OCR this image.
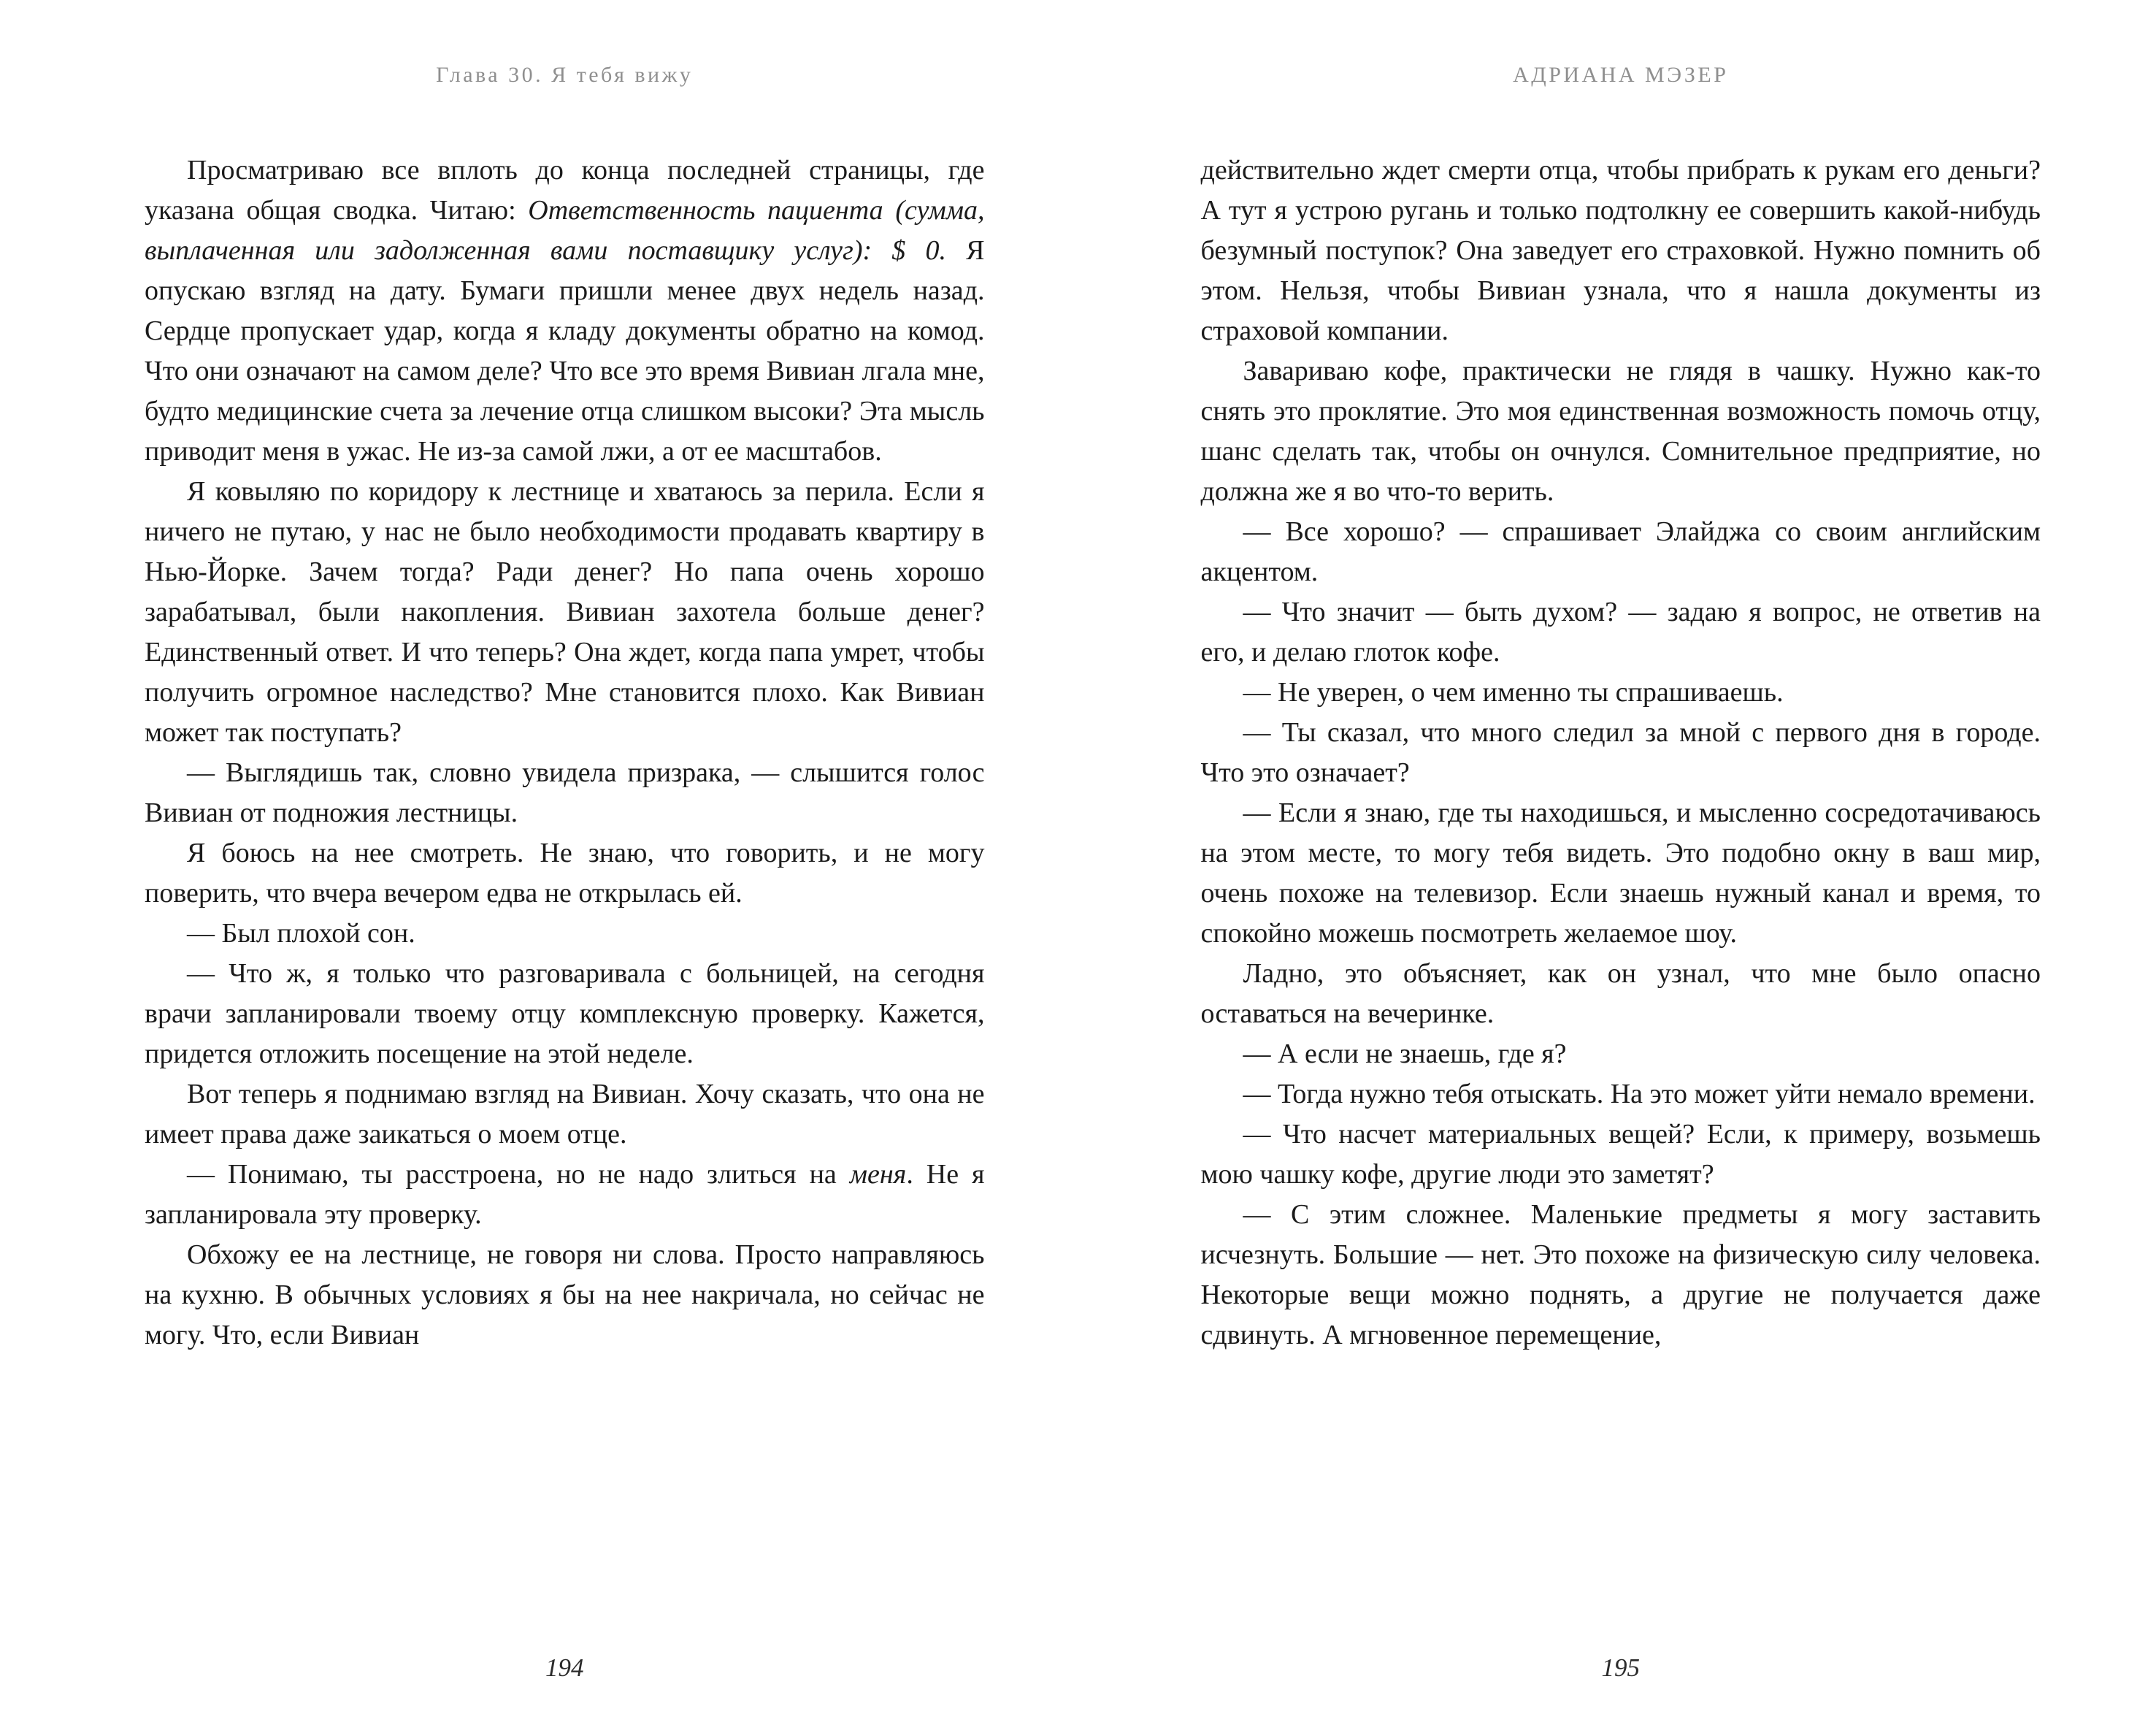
Глава 30. Я тебя вижу

Просматриваю все вплоть до конца последней страницы, где указана общая сводка. Читаю: Ответственность пациента (сумма, выплаченная или задолженная вами поставщику услуг): $ 0. Я опускаю взгляд на дату. Бумаги пришли менее двух недель назад. Сердце пропускает удар, когда я кладу документы обратно на комод. Что они означают на самом деле? Что все это время Вивиан лгала мне, будто медицинские счета за лечение отца слишком высоки? Эта мысль приводит меня в ужас. Не из-за самой лжи, а от ее масштабов.

Я ковыляю по коридору к лестнице и хватаюсь за перила. Если я ничего не путаю, у нас не было необходимости продавать квартиру в Нью-Йорке. Зачем тогда? Ради денег? Но папа очень хорошо зарабатывал, были накопления. Вивиан захотела больше денег? Единственный ответ. И что теперь? Она ждет, когда папа умрет, чтобы получить огромное наследство? Мне становится плохо. Как Вивиан может так поступать?

— Выглядишь так, словно увидела призрака, — слышится голос Вивиан от подножия лестницы.

Я боюсь на нее смотреть. Не знаю, что говорить, и не могу поверить, что вчера вечером едва не открылась ей.

— Был плохой сон.

— Что ж, я только что разговаривала с больницей, на сегодня врачи запланировали твоему отцу комплексную проверку. Кажется, придется отложить посещение на этой неделе.

Вот теперь я поднимаю взгляд на Вивиан. Хочу сказать, что она не имеет права даже заикаться о моем отце.

— Понимаю, ты расстроена, но не надо злиться на меня. Не я запланировала эту проверку.

Обхожу ее на лестнице, не говоря ни слова. Просто направляюсь на кухню. В обычных условиях я бы на нее накричала, но сейчас не могу. Что, если Вивиан

194
АДРИАНА МЭЗЕР

действительно ждет смерти отца, чтобы прибрать к рукам его деньги? А тут я устрою ругань и только подтолкну ее совершить какой-нибудь безумный поступок? Она заведует его страховкой. Нужно помнить об этом. Нельзя, чтобы Вивиан узнала, что я нашла документы из страховой компании.

Завариваю кофе, практически не глядя в чашку. Нужно как-то снять это проклятие. Это моя единственная возможность помочь отцу, шанс сделать так, чтобы он очнулся. Сомнительное предприятие, но должна же я во что-то верить.

— Все хорошо? — спрашивает Элайджа со своим английским акцентом.

— Что значит — быть духом? — задаю я вопрос, не ответив на его, и делаю глоток кофе.

— Не уверен, о чем именно ты спрашиваешь.

— Ты сказал, что много следил за мной с первого дня в городе. Что это означает?

— Если я знаю, где ты находишься, и мысленно сосредотачиваюсь на этом месте, то могу тебя видеть. Это подобно окну в ваш мир, очень похоже на телевизор. Если знаешь нужный канал и время, то спокойно можешь посмотреть желаемое шоу.

Ладно, это объясняет, как он узнал, что мне было опасно оставаться на вечеринке.

— А если не знаешь, где я?

— Тогда нужно тебя отыскать. На это может уйти немало времени.

— Что насчет материальных вещей? Если, к примеру, возьмешь мою чашку кофе, другие люди это заметят?

— С этим сложнее. Маленькие предметы я могу заставить исчезнуть. Большие — нет. Это похоже на физическую силу человека. Некоторые вещи можно поднять, а другие не получается даже сдвинуть. А мгновенное перемещение,

195
